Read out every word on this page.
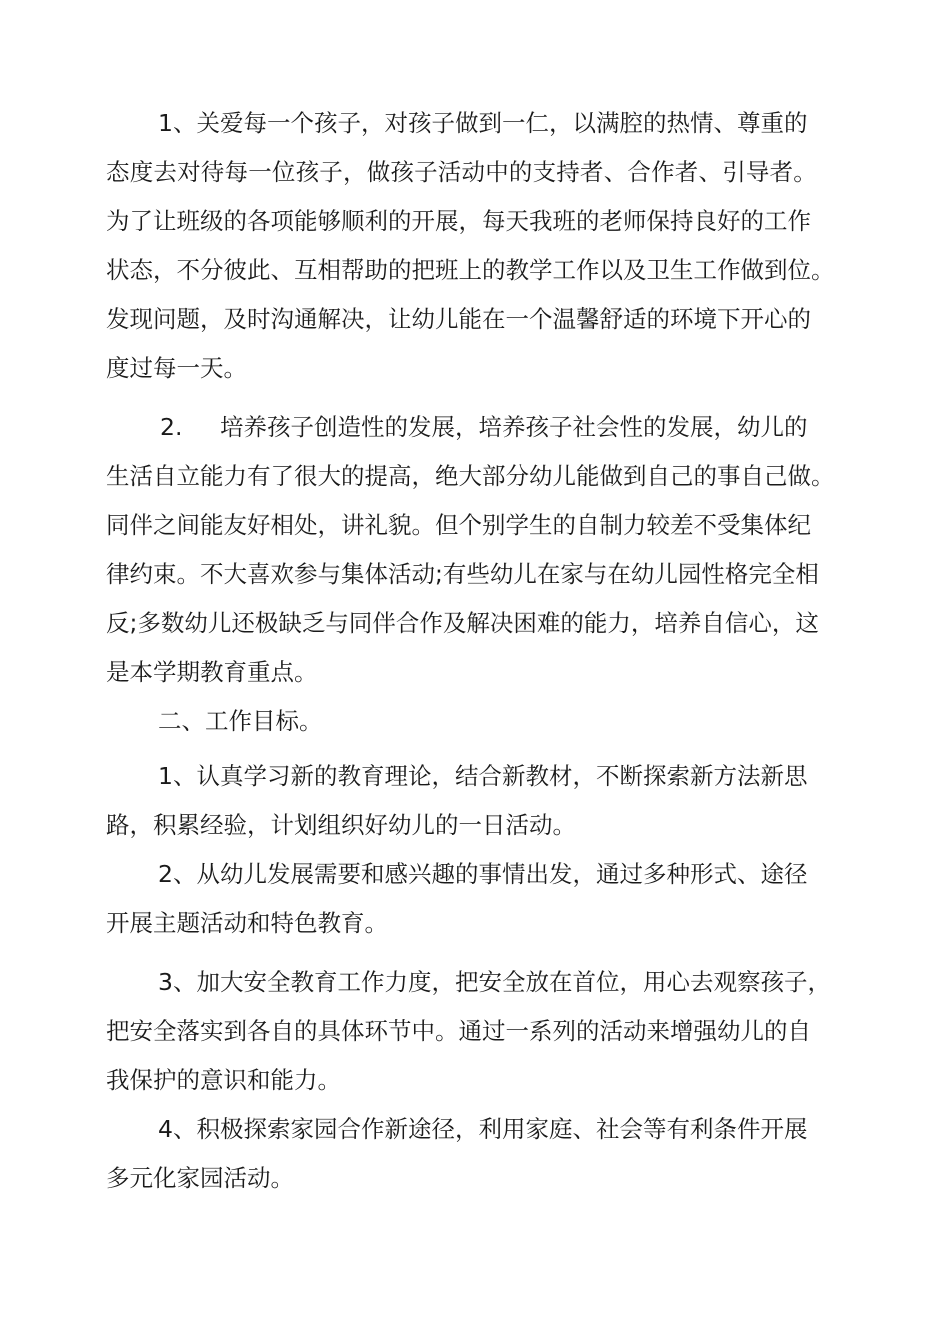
1、关爱每一个孩子，对孩子做到一仁，以满腔的热情、尊重的
态度去对待每一位孩子，做孩子活动中的支持者、合作者、引导者。
为了让班级的各项能够顺利的开展，每天我班的老师保持良好的工作
状态，不分彼此、互相帮助的把班上的教学工作以及卫生工作做到位。
发现问题，及时沟通解决，让幼儿能在一个温馨舒适的环境下开心的
度过每一天。
2. 培养孩子创造性的发展，培养孩子社会性的发展，幼儿的
生活自立能力有了很大的提高，绝大部分幼儿能做到自己的事自己做。
同伴之间能友好相处，讲礼貌。但个别学生的自制力较差不受集体纪
律约束。不大喜欢参与集体活动;有些幼儿在家与在幼儿园性格完全相
反;多数幼儿还极缺乏与同伴合作及解决困难的能力，培养自信心，这
是本学期教育重点。
二、工作目标。
1、认真学习新的教育理论，结合新教材，不断探索新方法新思
路，积累经验，计划组织好幼儿的一日活动。
2、从幼儿发展需要和感兴趣的事情出发，通过多种形式、途径
开展主题活动和特色教育。
3、加大安全教育工作力度，把安全放在首位，用心去观察孩子，
把安全落实到各自的具体环节中。通过一系列的活动来增强幼儿的自
我保护的意识和能力。
4、积极探索家园合作新途径，利用家庭、社会等有利条件开展
多元化家园活动。
